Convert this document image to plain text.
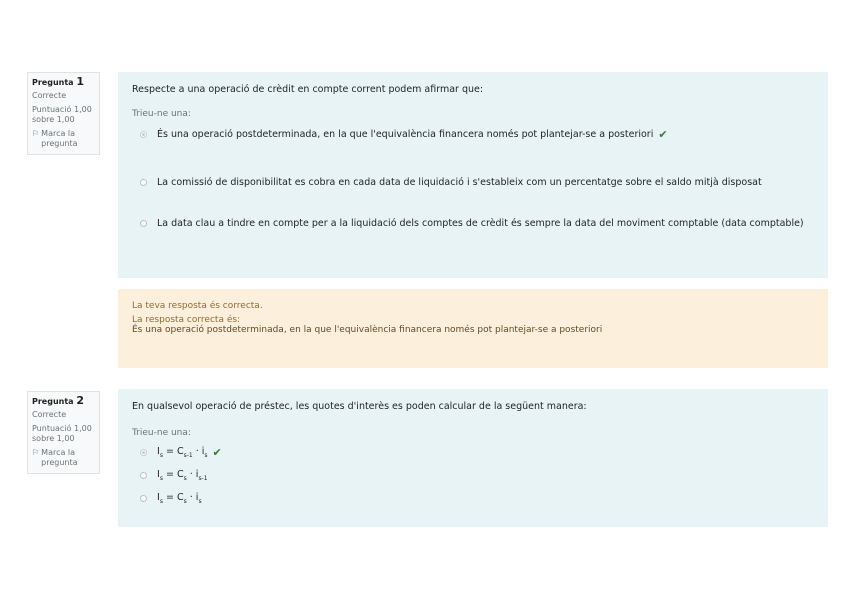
Pregunta 1
Correcte
Puntuació 1,00 sobre 1,00
⚐ Marca la pregunta
Respecte a una operació de crèdit en compte corrent podem afirmar que:
Trieu-ne una:
És una operació postdeterminada, en la que l'equivalència financera només pot plantejar-se a posteriori ✔
La comissió de disponibilitat es cobra en cada data de liquidació i s'estableix com un percentatge sobre el saldo mitjà disposat
La data clau a tindre en compte per a la liquidació dels comptes de crèdit és sempre la data del moviment comptable (data comptable)
La teva resposta és correcta.
La resposta correcta és:
És una operació postdeterminada, en la que l'equivalència financera només pot plantejar-se a posteriori
Pregunta 2
Correcte
Puntuació 1,00 sobre 1,00
⚐ Marca la pregunta
En qualsevol operació de préstec, les quotes d'interès es poden calcular de la següent manera:
Trieu-ne una:
$I_s = C_{s-1} \cdot i_s$ ✔
$I_s = C_s \cdot i_{s-1}$
$I_s = C_s \cdot i_s$
